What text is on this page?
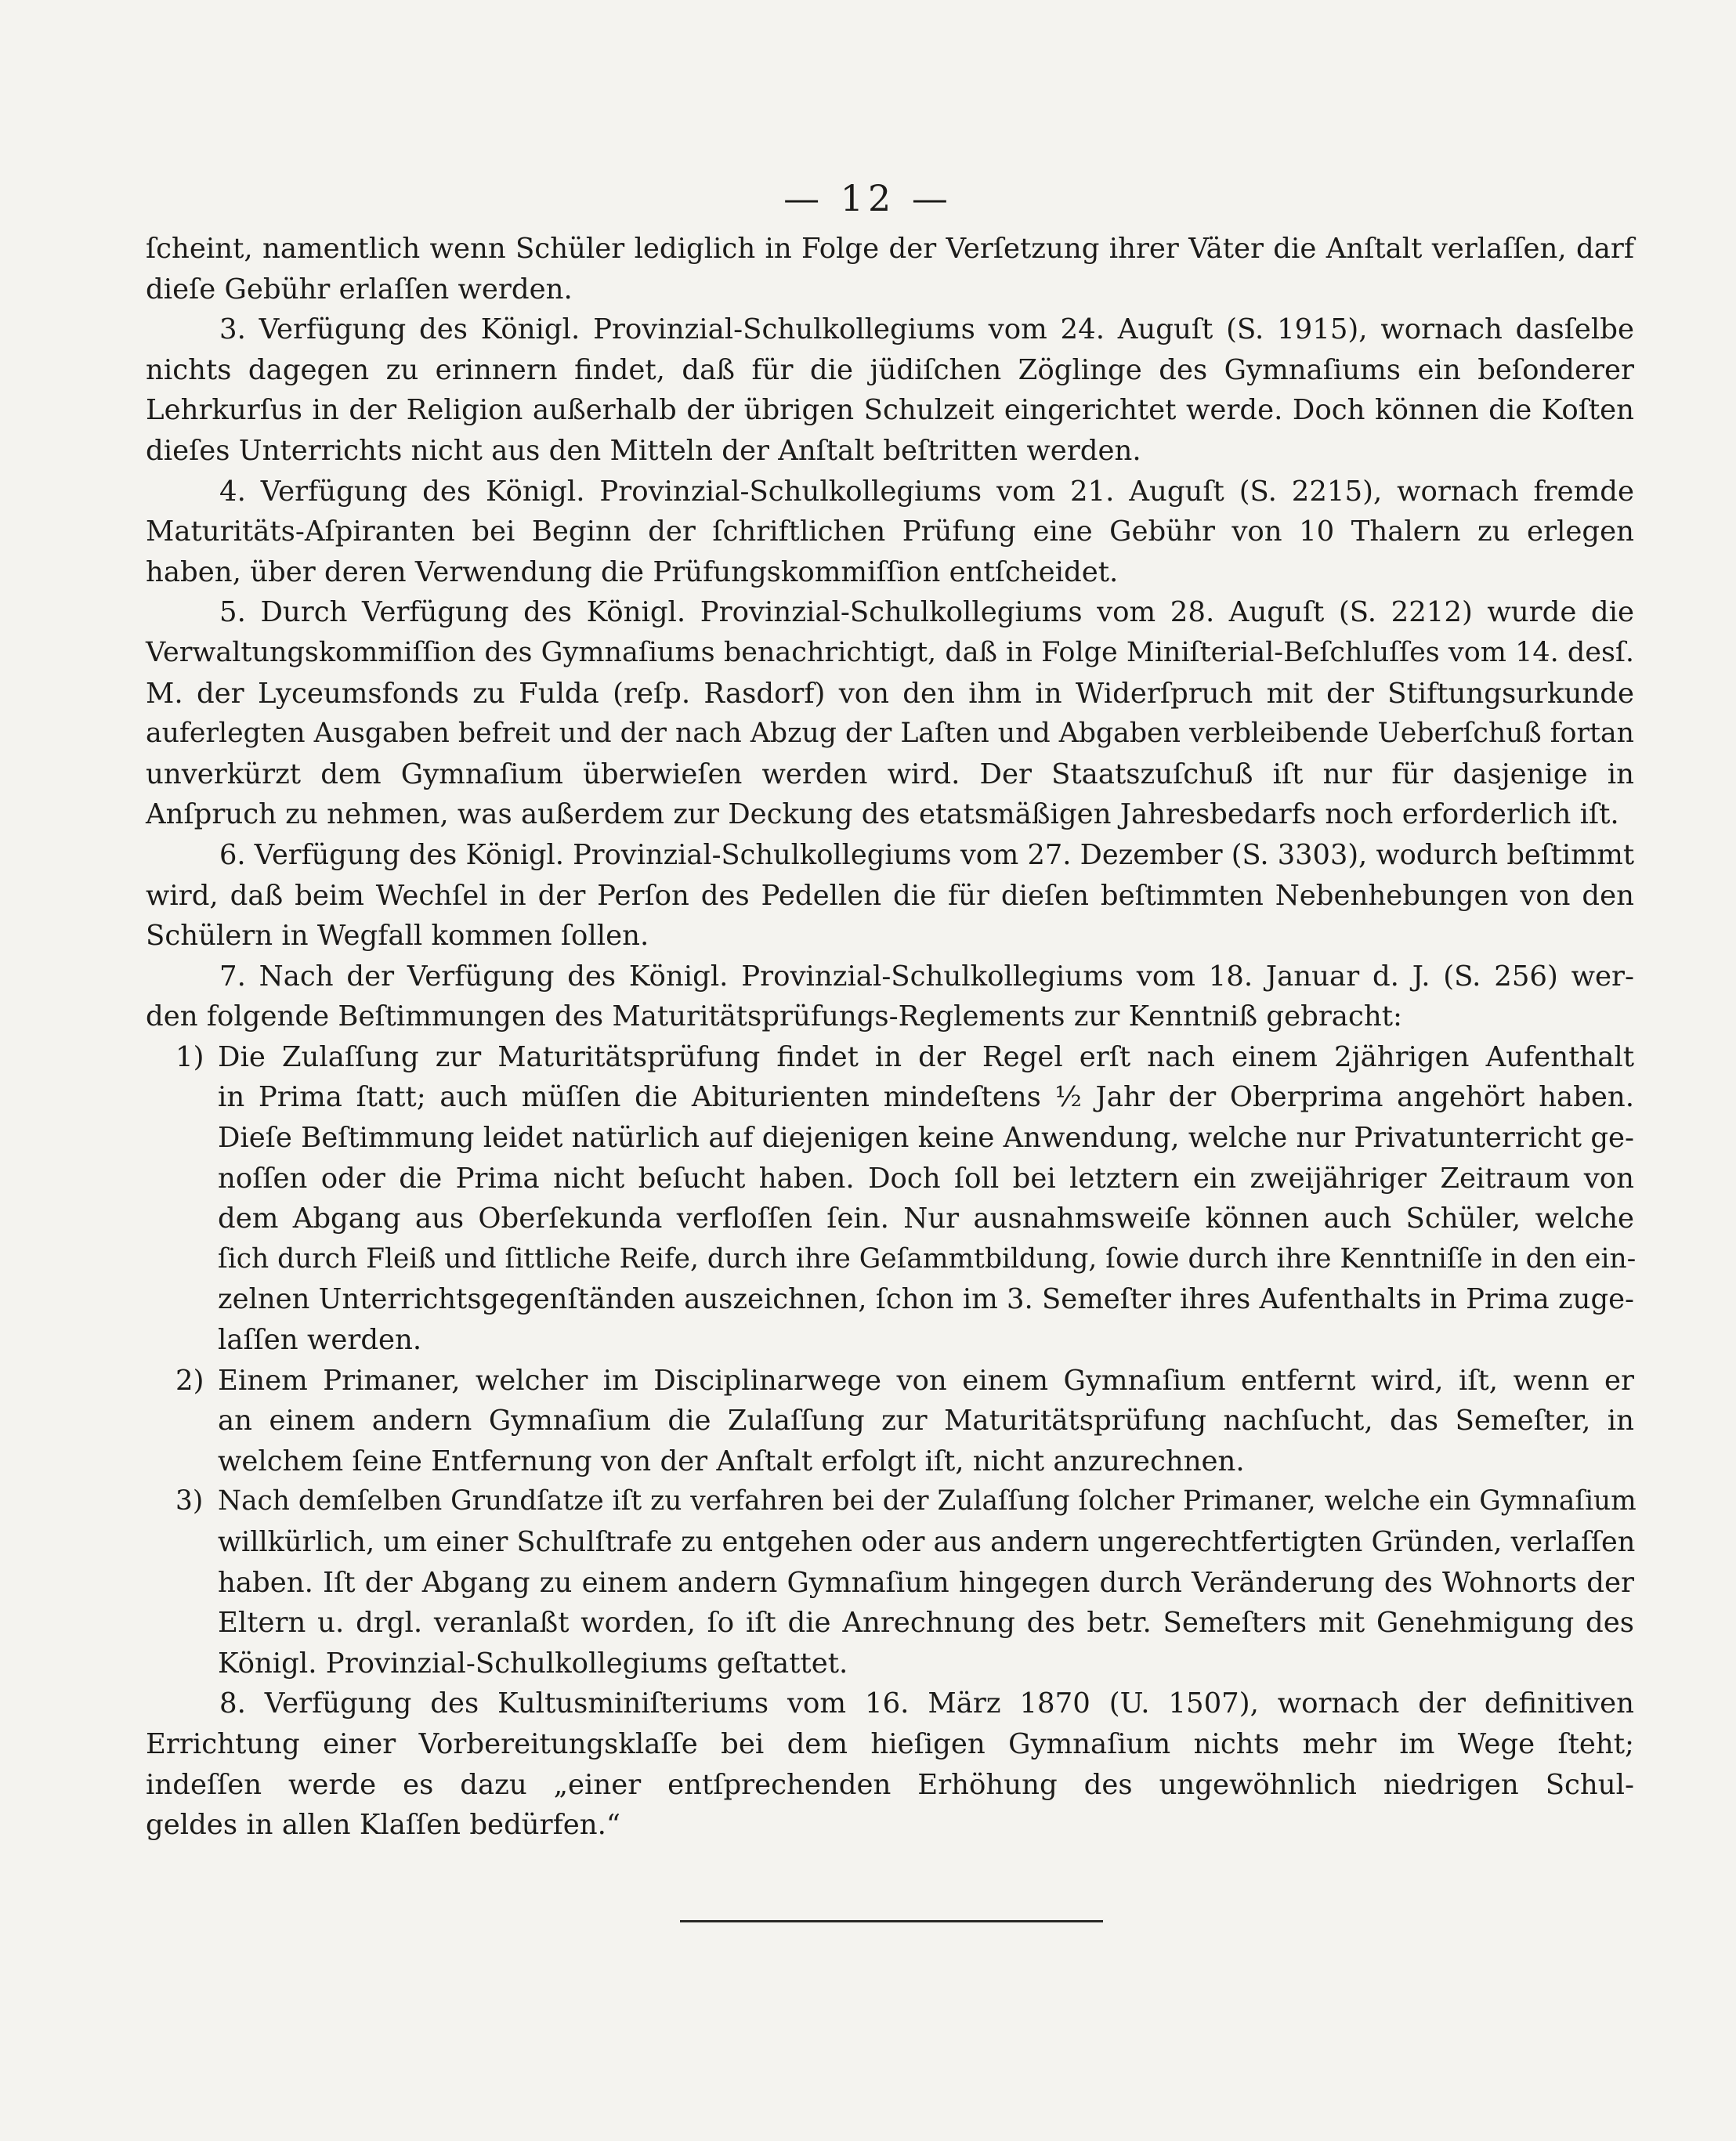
— 12 —
ſcheint, namentlich wenn Schüler lediglich in Folge der Verſetzung ihrer Väter die Anſtalt verlaſſen, darf
dieſe Gebühr erlaſſen werden.
3. Verfügung des Königl. Provinzial-Schulkollegiums vom 24. Auguſt (S. 1915), wornach dasſelbe
nichts dagegen zu erinnern findet, daß für die jüdiſchen Zöglinge des Gymnaſiums ein beſonderer
Lehrkurſus in der Religion außerhalb der übrigen Schulzeit eingerichtet werde. Doch können die Koſten
dieſes Unterrichts nicht aus den Mitteln der Anſtalt beſtritten werden.
4. Verfügung des Königl. Provinzial-Schulkollegiums vom 21. Auguſt (S. 2215), wornach fremde
Maturitäts-Aſpiranten bei Beginn der ſchriftlichen Prüfung eine Gebühr von 10 Thalern zu erlegen
haben, über deren Verwendung die Prüfungskommiſſion entſcheidet.
5. Durch Verfügung des Königl. Provinzial-Schulkollegiums vom 28. Auguſt (S. 2212) wurde die
Verwaltungskommiſſion des Gymnaſiums benachrichtigt, daß in Folge Miniſterial-Beſchluſſes vom 14. desſ.
M. der Lyceumsfonds zu Fulda (reſp. Rasdorf) von den ihm in Widerſpruch mit der Stiftungsurkunde
auferlegten Ausgaben befreit und der nach Abzug der Laſten und Abgaben verbleibende Ueberſchuß fortan
unverkürzt dem Gymnaſium überwieſen werden wird. Der Staatszuſchuß iſt nur für dasjenige in
Anſpruch zu nehmen, was außerdem zur Deckung des etatsmäßigen Jahresbedarfs noch erforderlich iſt.
6. Verfügung des Königl. Provinzial-Schulkollegiums vom 27. Dezember (S. 3303), wodurch beſtimmt
wird, daß beim Wechſel in der Perſon des Pedellen die für dieſen beſtimmten Nebenhebungen von den
Schülern in Wegfall kommen ſollen.
7. Nach der Verfügung des Königl. Provinzial-Schulkollegiums vom 18. Januar d. J. (S. 256) wer-
den folgende Beſtimmungen des Maturitätsprüfungs-Reglements zur Kenntniß gebracht:
1) Die Zulaſſung zur Maturitätsprüfung findet in der Regel erſt nach einem 2jährigen Aufenthalt
in Prima ſtatt; auch müſſen die Abiturienten mindeſtens ½ Jahr der Oberprima angehört haben.
Dieſe Beſtimmung leidet natürlich auf diejenigen keine Anwendung, welche nur Privatunterricht ge-
noſſen oder die Prima nicht beſucht haben. Doch ſoll bei letztern ein zweijähriger Zeitraum von
dem Abgang aus Oberſekunda verfloſſen ſein. Nur ausnahmsweiſe können auch Schüler, welche
ſich durch Fleiß und ſittliche Reife, durch ihre Geſammtbildung, ſowie durch ihre Kenntniſſe in den ein-
zelnen Unterrichtsgegenſtänden auszeichnen, ſchon im 3. Semeſter ihres Aufenthalts in Prima zuge-
laſſen werden.
2) Einem Primaner, welcher im Disciplinarwege von einem Gymnaſium entfernt wird, iſt, wenn er
an einem andern Gymnaſium die Zulaſſung zur Maturitätsprüfung nachſucht, das Semeſter, in
welchem ſeine Entfernung von der Anſtalt erfolgt iſt, nicht anzurechnen.
3) Nach demſelben Grundſatze iſt zu verfahren bei der Zulaſſung ſolcher Primaner, welche ein Gymnaſium
willkürlich, um einer Schulſtrafe zu entgehen oder aus andern ungerechtfertigten Gründen, verlaſſen
haben. Iſt der Abgang zu einem andern Gymnaſium hingegen durch Veränderung des Wohnorts der
Eltern u. drgl. veranlaßt worden, ſo iſt die Anrechnung des betr. Semeſters mit Genehmigung des
Königl. Provinzial-Schulkollegiums geſtattet.
8. Verfügung des Kultusminiſteriums vom 16. März 1870 (U. 1507), wornach der definitiven
Errichtung einer Vorbereitungsklaſſe bei dem hieſigen Gymnaſium nichts mehr im Wege ſteht;
indeſſen werde es dazu „einer entſprechenden Erhöhung des ungewöhnlich niedrigen Schul-
geldes in allen Klaſſen bedürfen.“
